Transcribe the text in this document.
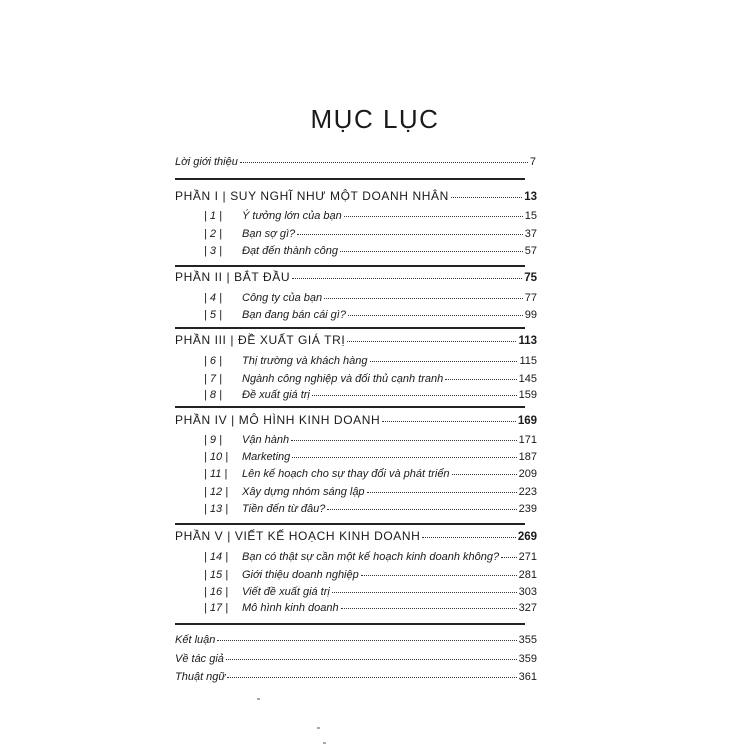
MỤC LỤC
Lời giới thiệu	7
PHẦN I | SUY NGHĨ NHƯ MỘT DOANH NHÂN	13
| 1 |	Ý tưởng lớn của bạn	15
| 2 |	Bạn sợ gì?	37
| 3 |	Đạt đến thành công	57
PHẦN II | BẮT ĐẦU	75
| 4 |	Công ty của bạn	77
| 5 |	Bạn đang bán cái gì?	99
PHẦN III | ĐỀ XUẤT GIÁ TRỊ	113
| 6 |	Thị trường và khách hàng	115
| 7 |	Ngành công nghiệp và đối thủ cạnh tranh	145
| 8 |	Đề xuất giá trị	159
PHẦN IV | MÔ HÌNH KINH DOANH	169
| 9 |	Vận hành	171
| 10 |	Marketing	187
| 11 |	Lên kế hoạch cho sự thay đổi và phát triển	209
| 12 |	Xây dựng nhóm sáng lập	223
| 13 |	Tiền đến từ đâu?	239
PHẦN V | VIẾT KẾ HOẠCH KINH DOANH	269
| 14 |	Bạn có thật sự cần một kế hoạch kinh doanh không? 271
| 15 |	Giới thiệu doanh nghiệp	281
| 16 |	Viết đề xuất giá trị	303
| 17 |	Mô hình kinh doanh	327
Kết luận	355
Về tác giả	359
Thuật ngữ	361
